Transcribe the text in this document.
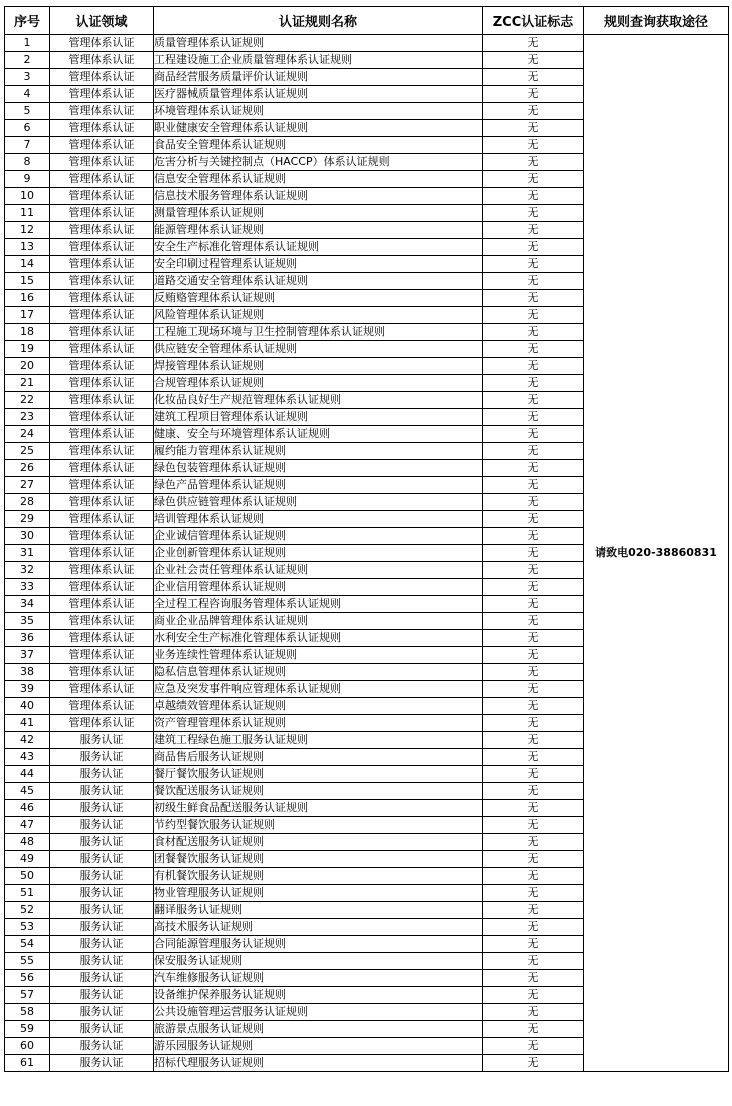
序号	认证领域	认证规则名称	ZCC认证标志	规则查询获取途径
1	管理体系认证	质量管理体系认证规则	无	请致电020-38860831
2	管理体系认证	工程建设施工企业质量管理体系认证规则	无	
3	管理体系认证	商品经营服务质量评价认证规则	无	
4	管理体系认证	医疗器械质量管理体系认证规则	无	
5	管理体系认证	环境管理体系认证规则	无	
6	管理体系认证	职业健康安全管理体系认证规则	无	
7	管理体系认证	食品安全管理体系认证规则	无	
8	管理体系认证	危害分析与关键控制点（HACCP）体系认证规则	无	
9	管理体系认证	信息安全管理体系认证规则	无	
10	管理体系认证	信息技术服务管理体系认证规则	无	
11	管理体系认证	测量管理体系认证规则	无	
12	管理体系认证	能源管理体系认证规则	无	
13	管理体系认证	安全生产标准化管理体系认证规则	无	
14	管理体系认证	安全印刷过程管理系认证规则	无	
15	管理体系认证	道路交通安全管理体系认证规则	无	
16	管理体系认证	反贿赂管理体系认证规则	无	
17	管理体系认证	风险管理体系认证规则	无	
18	管理体系认证	工程施工现场环境与卫生控制管理体系认证规则	无	
19	管理体系认证	供应链安全管理体系认证规则	无	
20	管理体系认证	焊接管理体系认证规则	无	
21	管理体系认证	合规管理体系认证规则	无	
22	管理体系认证	化妆品良好生产规范管理体系认证规则	无	
23	管理体系认证	建筑工程项目管理体系认证规则	无	
24	管理体系认证	健康、安全与环境管理体系认证规则	无	
25	管理体系认证	履约能力管理体系认证规则	无	
26	管理体系认证	绿色包装管理体系认证规则	无	
27	管理体系认证	绿色产品管理体系认证规则	无	
28	管理体系认证	绿色供应链管理体系认证规则	无	
29	管理体系认证	培训管理体系认证规则	无	
30	管理体系认证	企业诚信管理体系认证规则	无	
31	管理体系认证	企业创新管理体系认证规则	无	
32	管理体系认证	企业社会责任管理体系认证规则	无	
33	管理体系认证	企业信用管理体系认证规则	无	
34	管理体系认证	全过程工程咨询服务管理体系认证规则	无	
35	管理体系认证	商业企业品牌管理体系认证规则	无	
36	管理体系认证	水利安全生产标准化管理体系认证规则	无	
37	管理体系认证	业务连续性管理体系认证规则	无	
38	管理体系认证	隐私信息管理体系认证规则	无	
39	管理体系认证	应急及突发事件响应管理体系认证规则	无	
40	管理体系认证	卓越绩效管理体系认证规则	无	
41	管理体系认证	资产管理管理体系认证规则	无	
42	服务认证	建筑工程绿色施工服务认证规则	无	
43	服务认证	商品售后服务认证规则	无	
44	服务认证	餐厅餐饮服务认证规则	无	
45	服务认证	餐饮配送服务认证规则	无	
46	服务认证	初级生鲜食品配送服务认证规则	无	
47	服务认证	节约型餐饮服务认证规则	无	
48	服务认证	食材配送服务认证规则	无	
49	服务认证	团餐餐饮服务认证规则	无	
50	服务认证	有机餐饮服务认证规则	无	
51	服务认证	物业管理服务认证规则	无	
52	服务认证	翻译服务认证规则	无	
53	服务认证	高技术服务认证规则	无	
54	服务认证	合同能源管理服务认证规则	无	
55	服务认证	保安服务认证规则	无	
56	服务认证	汽车维修服务认证规则	无	
57	服务认证	设备维护保养服务认证规则	无	
58	服务认证	公共设施管理运营服务认证规则	无	
59	服务认证	旅游景点服务认证规则	无	
60	服务认证	游乐园服务认证规则	无	
61	服务认证	招标代理服务认证规则	无	
